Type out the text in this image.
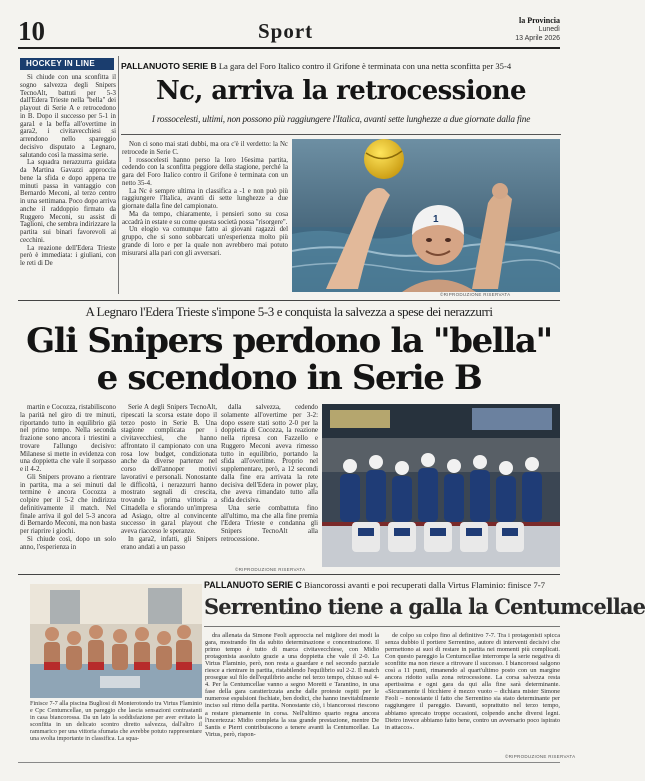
10	Sport	la Provincia
Lunedì
13 Aprile 2026
HOCKEY IN LINE

Si chiude con una sconfitta il sogno salvezza degli Snipers TecnoAlt, battuti per 5-3 dall'Edera Trieste nella "bella" dei playout di Serie A e retrocedono in B. Dopo il successo per 5-1 in gara1 e la beffa all'overtime in gara2, i civitavecchiesi si arrendono nello spareggio decisivo disputato a Legnaro, salutando così la massima serie.

La squadra nerazzurra guidata da Martina Gavazzi approccia bene la sfida e dopo appena tre minuti passa in vantaggio con Bernardo Meconi, al terzo centro in una settimana. Poco dopo arriva anche il raddoppio firmato da Ruggero Meconi, su assist di Taglioni, che sembra indirizzare la partita sui binari favorevoli ai cecchini.

La reazione dell'Edera Trieste però è immediata: i giuliani, con le reti di De

PALLANUOTO SERIE B La gara del Foro Italico contro il Grifone è terminata con una netta sconfitta per 35-4
Nc, arriva la retrocessione
I rossocelesti, ultimi, non possono più raggiungere l'Italica, avanti sette lunghezze a due giornate dalla fine

Non ci sono mai stati dubbi, ma ora c'è il verdetto: la Nc retrocede in Serie C.

I rossocelesti hanno perso la loro 16esima partita, cedendo con la sconfitta peggiore della stagione, perché la gara del Foro Italico contro il Grifone è terminata con un netto 35-4.

La Nc è sempre ultima in classifica a -1 e non può più raggiungere l'Italica, avanti di sette lunghezze a due giornate dalla fine del campionato.

Ma da tempo, chiaramente, i pensieri sono su cosa accadrà in estate e su come questa società possa "risorgere".

Un elogio va comunque fatto ai giovani ragazzi del gruppo, che si sono sobbarcati un'esperienza molto più grande di loro e per la quale non avrebbero mai potuto misurarsi alla pari con gli avversari.

1
©RIPRODUZIONE RISERVATA
A Legnaro l'Edera Trieste s'impone 5-3 e conquista la salvezza a spese dei nerazzurri
Gli Snipers perdono la "bella"
e scendono in Serie B

martin e Cocozza, ristabiliscono la parità nel giro di tre minuti, riportando tutto in equilibrio già nel primo tempo. Nella seconda frazione sono ancora i triestini a trovare l'allungo decisivo: Milanese si mette in evidenza con una doppietta che vale il sorpasso e il 4-2.

Gli Snipers provano a rientrare in partita, ma a sei minuti dal termine è ancora Cocozza a colpire per il 5-2 che indirizza definitivamente il match. Nel finale arriva il gol del 5-3 ancora di Bernardo Meconi, ma non basta per riaprire i giochi.

Si chiude così, dopo un solo anno, l'esperienza in

Serie A degli Snipers TecnoAlt, ripescati la scorsa estate dopo il terzo posto in Serie B. Una stagione complicata per i civitavecchiesi, che hanno affrontato il campionato con una rosa low budget, condizionata anche da diverse partenze nel corso dell'annoper motivi lavorativi e personali. Nonostante le difficoltà, i nerazzurri hanno mostrato segnali di crescita, trovando la prima vittoria a Cittadella e sfiorando un'impresa ad Asiago, oltre al convincente successo in gara1 playout che aveva riacceso le speranze.

In gara2, infatti, gli Snipers erano andati a un passo

dalla salvezza, cedendo solamente all'overtime per 3-2: dopo essere stati sotto 2-0 per la doppietta di Cocozza, la reazione nella ripresa con Fazzello e Ruggero Meconi aveva rimesso tutto in equilibrio, portando la sfida all'overtime. Proprio nel supplementare, però, a 12 secondi dalla fine era arrivata la rete decisiva dell'Edera in power play, che aveva rimandato tutto alla sfida decisiva.

Una serie combattuta fino all'ultimo, ma che alla fine premia l'Edera Trieste e condanna gli Snipers TecnoAlt alla retrocessione.

©RIPRODUZIONE RISERVATA
Finisce 7-7 alla piscina Bugliosi di Monterotondo tra Virtus Flaminio e Cpc Centumcellae, un pareggio che lascia sensazioni contrastanti in casa biancorossa. Da un lato la soddisfazione per aver evitato la sconfitta in un delicato scontro diretto salvezza, dall'altro il rammarico per una vittoria sfumata che avrebbe potuto rappresentare una svolta importante in classifica. La squa-
PALLANUOTO SERIE C Biancorossi avanti e poi recuperati dalla Virtus Flaminio: finisce 7-7
Serrentino tiene a galla la Centumcellae

dra allenata da Simone Feoli approccia nel migliore dei modi la gara, mostrando fin da subito determinazione e concentrazione. Il primo tempo è tutto di marca civitavecchiese, con Midio protagonista assoluto grazie a una doppietta che vale il 2-0. La Virtus Flaminio, però, non resta a guardare e nel secondo parziale riesce a rientrare in partita, ristabilendo l'equilibrio sul 2-2. Il match prosegue sul filo dell'equilibrio anche nel terzo tempo, chiuso sul 4-4. Per la Centumcellae vanno a segno Moretti e Tarantino, in una fase della gara caratterizzata anche dalle proteste ospiti per le numerose espulsioni fischiate, ben dodici, che hanno inevitabilmente inciso sul ritmo della partita. Nonostante ciò, i biancorossi riescono a restare pienamente in corsa. Nell'ultimo quarto regna ancora l'incertezza: Midio completa la sua grande prestazione, mentre De Santis e Pierri contribuiscono a tenere avanti la Centumcellae. La Virtus, però, rispon-

de colpo su colpo fino al definitivo 7-7. Tra i protagonisti spicca senza dubbio il portiere Serrentino, autore di interventi decisivi che permettono ai suoi di restare in partita nei momenti più complicati. Con questo pareggio la Centumcellae interrompe la serie negativa di sconfitte ma non riesce a ritrovare il successo. I biancorossi salgono così a 11 punti, rimanendo al quart'ultimo posto con un margine ancora ridotto sulla zona retrocessione. La corsa salvezza resta apertissima e ogni gara da qui alla fine sarà determinante. «Sicuramente il bicchiere è mezzo vuoto – dichiara mister Simone Feoli – nonostante il fatto che Serrentino sia stato determinante per raggiungere il pareggio. Davanti, soprattutto nel terzo tempo, abbiamo sprecato troppe occasioni, colpendo anche diversi legni. Dietro invece abbiamo fatto bene, contro un avversario poco ispirato in attacco».

©RIPRODUZIONE RISERVATA
